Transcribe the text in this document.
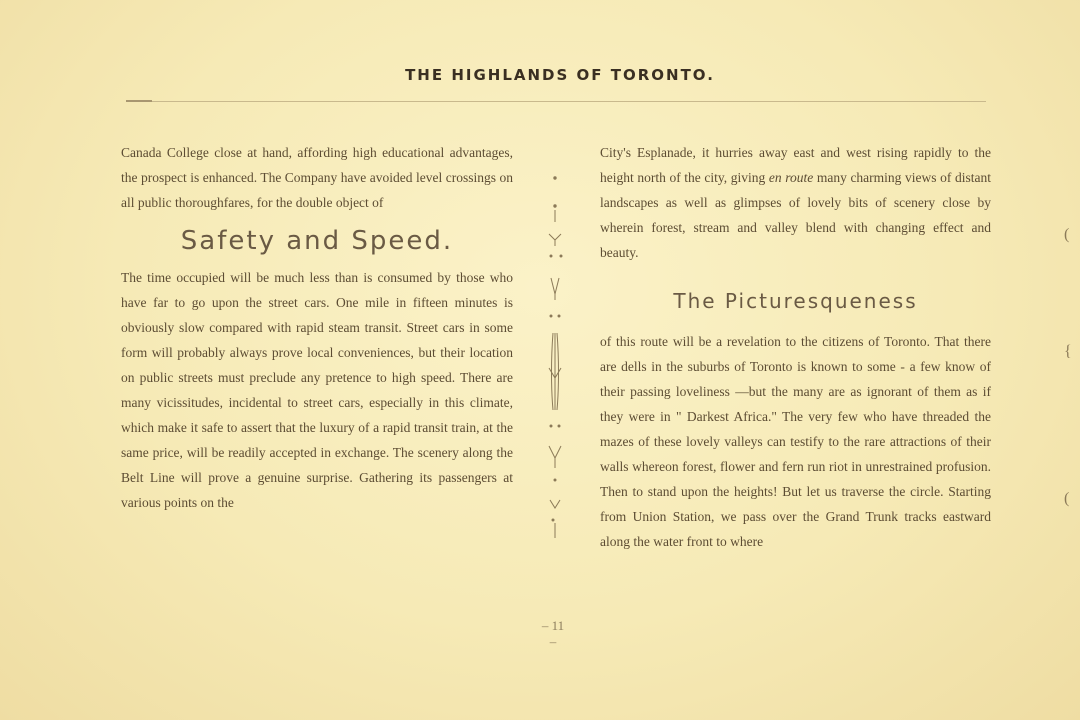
THE HIGHLANDS OF TORONTO.

Canada College close at hand, affording high educational advantages, the prospect is enhanced. The Company have avoided level crossings on all public thoroughfares, for the double object of

Safety and Speed.

The time occupied will be much less than is consumed by those who have far to go upon the street cars. One mile in fifteen minutes is obviously slow compared with rapid steam transit. Street cars in some form will probably always prove local conveniences, but their location on public streets must preclude any pretence to high speed. There are many vicissitudes, incidental to street cars, especially in this climate, which make it safe to assert that the luxury of a rapid transit train, at the same price, will be readily accepted in exchange. The scenery along the Belt Line will prove a genuine surprise. Gathering its passengers at various points on the

City's Esplanade, it hurries away east and west rising rapidly to the height north of the city, giving en route many charming views of distant landscapes as well as glimpses of lovely bits of scenery close by wherein forest, stream and valley blend with changing effect and beauty.

The Picturesqueness

of this route will be a revelation to the citizens of Toronto. That there are dells in the suburbs of Toronto is known to some - a few know of their passing loveliness —but the many are as ignorant of them as if they were in " Darkest Africa." The very few who have threaded the mazes of these lovely valleys can testify to the rare attractions of their walls whereon forest, flower and fern run riot in unrestrained profusion. Then to stand upon the heights! But let us traverse the circle. Starting from Union Station, we pass over the Grand Trunk tracks eastward along the water front to where

– 11 –
(
{
(
